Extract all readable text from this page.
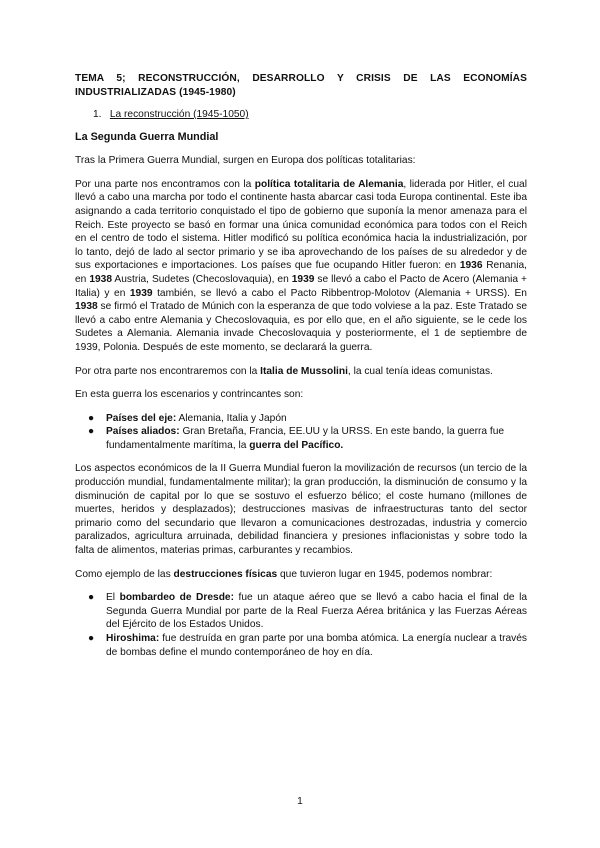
TEMA 5; RECONSTRUCCIÓN, DESARROLLO Y CRISIS DE LAS ECONOMÍAS INDUSTRIALIZADAS (1945-1980)
1. La reconstrucción (1945-1050)
La Segunda Guerra Mundial

Tras la Primera Guerra Mundial, surgen en Europa dos políticas totalitarias:

Por una parte nos encontramos con la política totalitaria de Alemania, liderada por Hitler, el cual llevó a cabo una marcha por todo el continente hasta abarcar casi toda Europa continental. Este iba asignando a cada territorio conquistado el tipo de gobierno que suponía la menor amenaza para el Reich. Este proyecto se basó en formar una única comunidad económica para todos con el Reich en el centro de todo el sistema. Hitler modificó su política económica hacia la industrialización, por lo tanto, dejó de lado al sector primario y se iba aprovechando de los países de su alrededor y de sus exportaciones e importaciones. Los países que fue ocupando Hitler fueron: en 1936 Renania, en 1938 Austria, Sudetes (Checoslovaquia), en 1939 se llevó a cabo el Pacto de Acero (Alemania + Italia) y en 1939 también, se llevó a cabo el Pacto Ribbentrop-Molotov (Alemania + URSS). En 1938 se firmó el Tratado de Múnich con la esperanza de que todo volviese a la paz. Este Tratado se llevó a cabo entre Alemania y Checoslovaquia, es por ello que, en el año siguiente, se le cede los Sudetes a Alemania. Alemania invade Checoslovaquia y posteriormente, el 1 de septiembre de 1939, Polonia. Después de este momento, se declarará la guerra.

Por otra parte nos encontraremos con la Italia de Mussolini, la cual tenía ideas comunistas.

En esta guerra los escenarios y contrincantes son:

● Países del eje: Alemania, Italia y Japón
● Países aliados: Gran Bretaña, Francia, EE.UU y la URSS. En este bando, la guerra fue fundamentalmente marítima, la guerra del Pacífico.

Los aspectos económicos de la II Guerra Mundial fueron la movilización de recursos (un tercio de la producción mundial, fundamentalmente militar); la gran producción, la disminución de consumo y la disminución de capital por lo que se sostuvo el esfuerzo bélico; el coste humano (millones de muertes, heridos y desplazados); destrucciones masivas de infraestructuras tanto del sector primario como del secundario que llevaron a comunicaciones destrozadas, industria y comercio paralizados, agricultura arruinada, debilidad financiera y presiones inflacionistas y sobre todo la falta de alimentos, materias primas, carburantes y recambios.

Como ejemplo de las destrucciones físicas que tuvieron lugar en 1945, podemos nombrar:

● El bombardeo de Dresde: fue un ataque aéreo que se llevó a cabo hacia el final de la Segunda Guerra Mundial por parte de la Real Fuerza Aérea británica y las Fuerzas Aéreas del Ejército de los Estados Unidos.
● Hiroshima: fue destruída en gran parte por una bomba atómica. La energía nuclear a través de bombas define el mundo contemporáneo de hoy en día.
1
